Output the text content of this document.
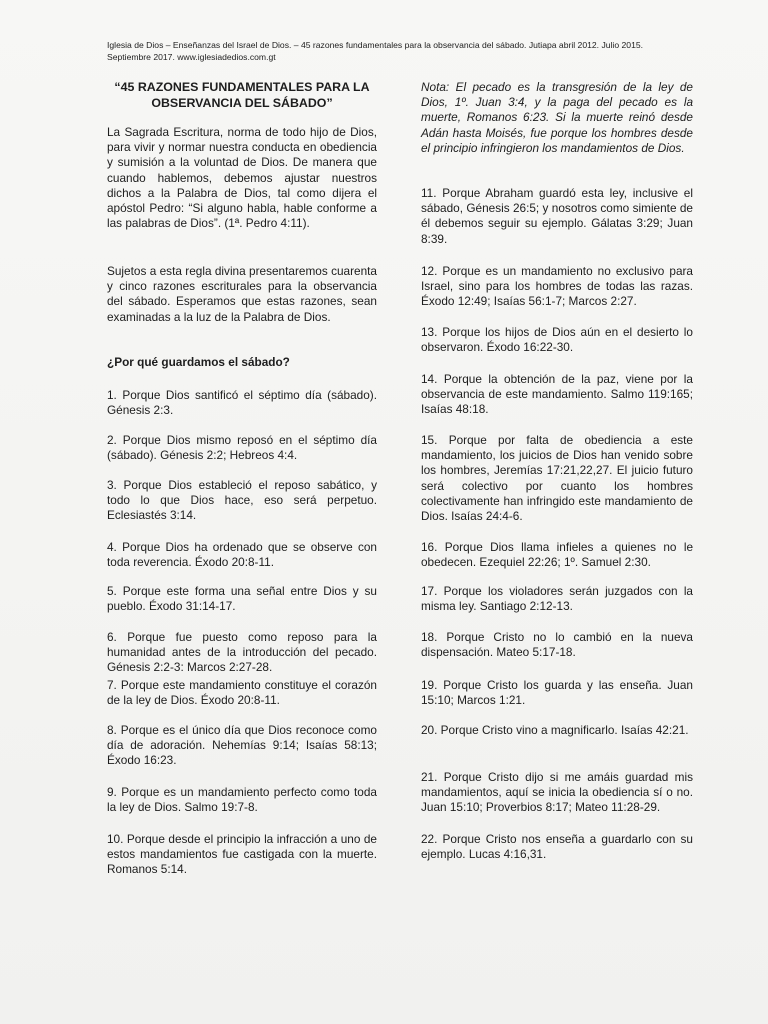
Iglesia de Dios – Enseñanzas del Israel de Dios. – 45 razones fundamentales para la observancia del sábado. Jutiapa abril 2012. Julio 2015.
Septiembre 2017. www.iglesiadedios.com.gt
“45 RAZONES FUNDAMENTALES PARA LA
OBSERVANCIA DEL SÁBADO”

La Sagrada Escritura, norma de todo hijo de Dios, para vivir y normar nuestra conducta en obediencia y sumisión a la voluntad de Dios. De manera que cuando hablemos, debemos ajustar nuestros dichos a la Palabra de Dios, tal como dijera el apóstol Pedro: “Si alguno habla, hable conforme a las palabras de Dios”. (1ª. Pedro 4:11).

Sujetos a esta regla divina presentaremos cuarenta y cinco razones escriturales para la observancia del sábado. Esperamos que estas razones, sean examinadas a la luz de la Palabra de Dios.

¿Por qué guardamos el sábado?

1. Porque Dios santificó el séptimo día (sábado). Génesis 2:3.

2. Porque Dios mismo reposó en el séptimo día (sábado). Génesis 2:2; Hebreos 4:4.

3. Porque Dios estableció el reposo sabático, y todo lo que Dios hace, eso será perpetuo. Eclesiastés 3:14.

4. Porque Dios ha ordenado que se observe con toda reverencia. Éxodo 20:8-11.

5. Porque este forma una señal entre Dios y su pueblo. Éxodo 31:14-17.

6. Porque fue puesto como reposo para la humanidad antes de la introducción del pecado. Génesis 2:2-3: Marcos 2:27-28.

7. Porque este mandamiento constituye el corazón de la ley de Dios. Éxodo 20:8-11.

8. Porque es el único día que Dios reconoce como día de adoración. Nehemías 9:14; Isaías 58:13; Éxodo 16:23.

9. Porque es un mandamiento perfecto como toda la ley de Dios. Salmo 19:7-8.

10. Porque desde el principio la infracción a uno de estos mandamientos fue castigada con la muerte. Romanos 5:14.

Nota: El pecado es la transgresión de la ley de Dios, 1º. Juan 3:4, y la paga del pecado es la muerte, Romanos 6:23. Si la muerte reinó desde Adán hasta Moisés, fue porque los hombres desde el principio infringieron los mandamientos de Dios.

11. Porque Abraham guardó esta ley, inclusive el sábado, Génesis 26:5; y nosotros como simiente de él debemos seguir su ejemplo. Gálatas 3:29; Juan 8:39.

12. Porque es un mandamiento no exclusivo para Israel, sino para los hombres de todas las razas. Éxodo 12:49; Isaías 56:1-7; Marcos 2:27.

13. Porque los hijos de Dios aún en el desierto lo observaron. Éxodo 16:22-30.

14. Porque la obtención de la paz, viene por la observancia de este mandamiento. Salmo 119:165; Isaías 48:18.

15. Porque por falta de obediencia a este mandamiento, los juicios de Dios han venido sobre los hombres, Jeremías 17:21,22,27. El juicio futuro será colectivo por cuanto los hombres colectivamente han infringido este mandamiento de Dios. Isaías 24:4-6.

16. Porque Dios llama infieles a quienes no le obedecen. Ezequiel 22:26; 1º. Samuel 2:30.

17. Porque los violadores serán juzgados con la misma ley. Santiago 2:12-13.

18. Porque Cristo no lo cambió en la nueva dispensación. Mateo 5:17-18.

19. Porque Cristo los guarda y las enseña. Juan 15:10; Marcos 1:21.

20. Porque Cristo vino a magnificarlo. Isaías 42:21.

21. Porque Cristo dijo si me amáis guardad mis mandamientos, aquí se inicia la obediencia sí o no. Juan 15:10; Proverbios 8:17; Mateo 11:28-29.

22. Porque Cristo nos enseña a guardarlo con su ejemplo. Lucas 4:16,31.
